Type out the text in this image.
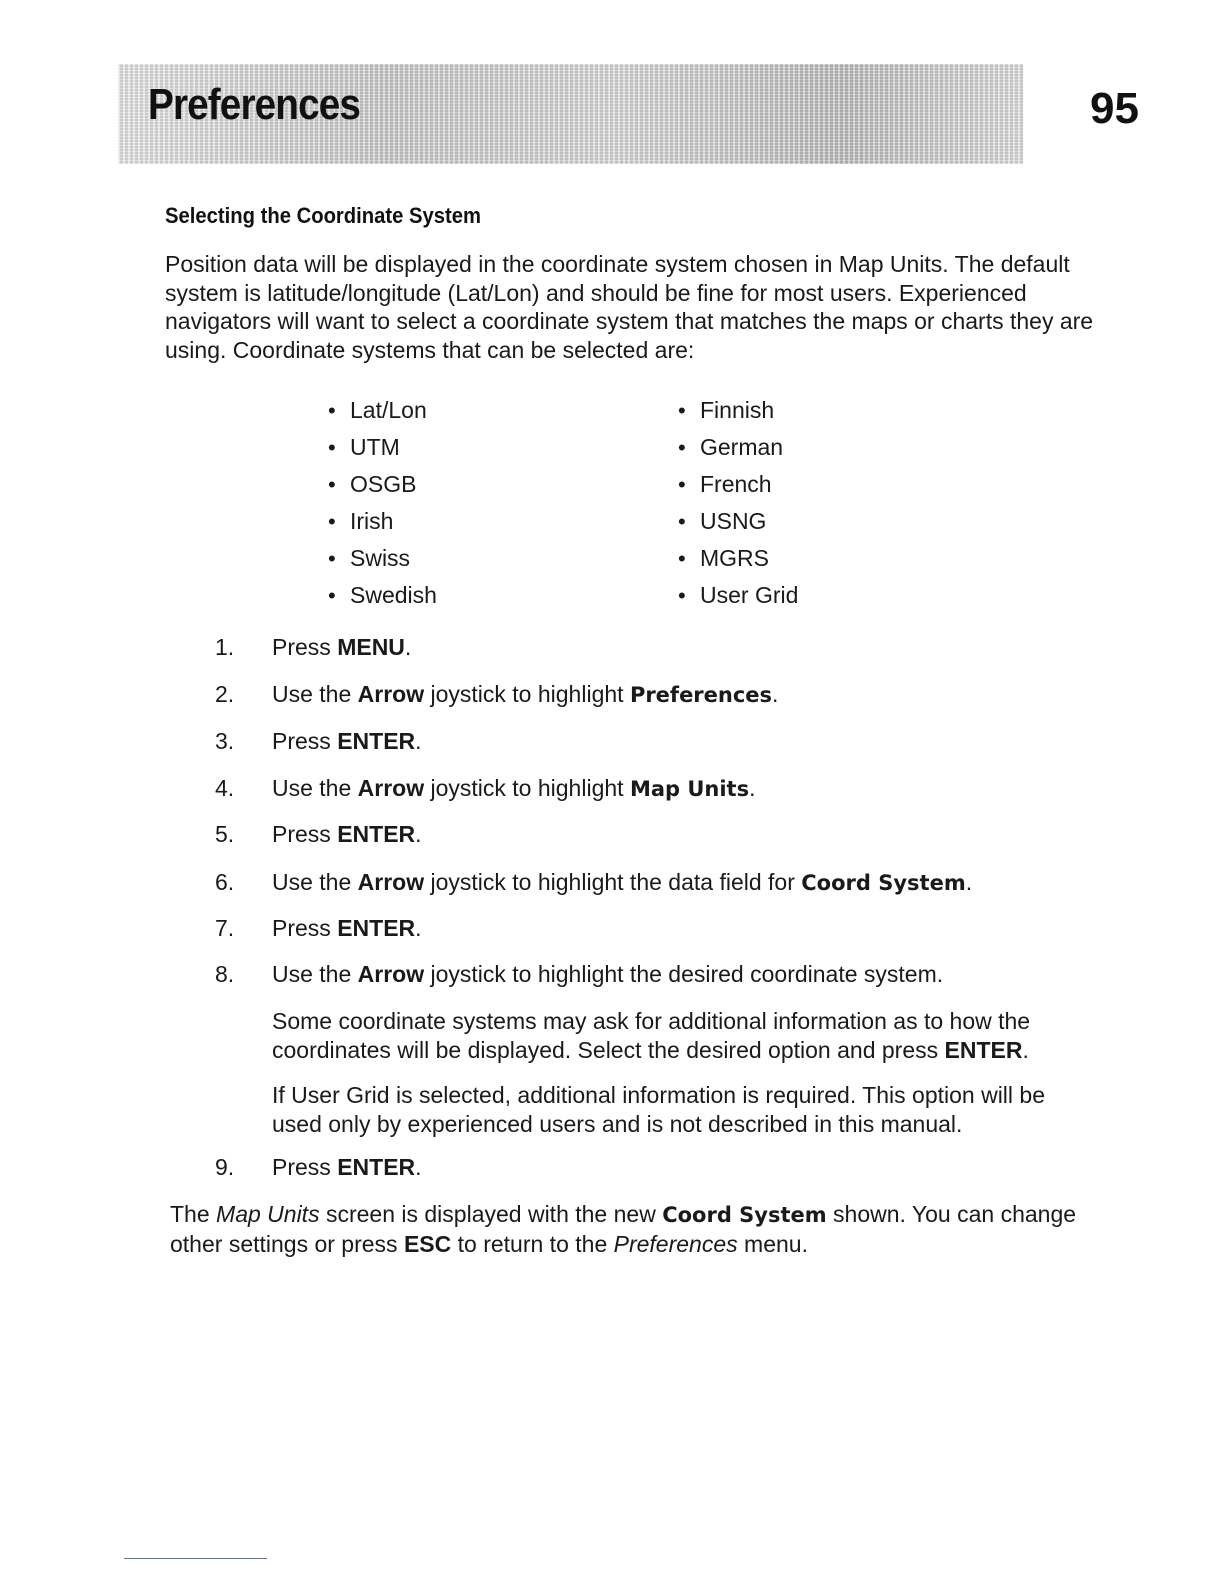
Preferences	95
Selecting the Coordinate System

Position data will be displayed in the coordinate system chosen in Map Units. The default system is latitude/longitude (Lat/Lon) and should be fine for most users. Experienced navigators will want to select a coordinate system that matches the maps or charts they are using. Coordinate systems that can be selected are:

• Lat/Lon
• UTM
• OSGB
• Irish
• Swiss
• Swedish
• Finnish
• German
• French
• USNG
• MGRS
• User Grid
1.	Press MENU.
2.	Use the Arrow joystick to highlight Preferences.
3.	Press ENTER.
4.	Use the Arrow joystick to highlight Map Units.
5.	Press ENTER.
6.	Use the Arrow joystick to highlight the data field for Coord System.
7.	Press ENTER.
8.	Use the Arrow joystick to highlight the desired coordinate system.
9.	Press ENTER.

Some coordinate systems may ask for additional information as to how the coordinates will be displayed. Select the desired option and press ENTER.

If User Grid is selected, additional information is required. This option will be used only by experienced users and is not described in this manual.

The Map Units screen is displayed with the new Coord System shown. You can change other settings or press ESC to return to the Preferences menu.
